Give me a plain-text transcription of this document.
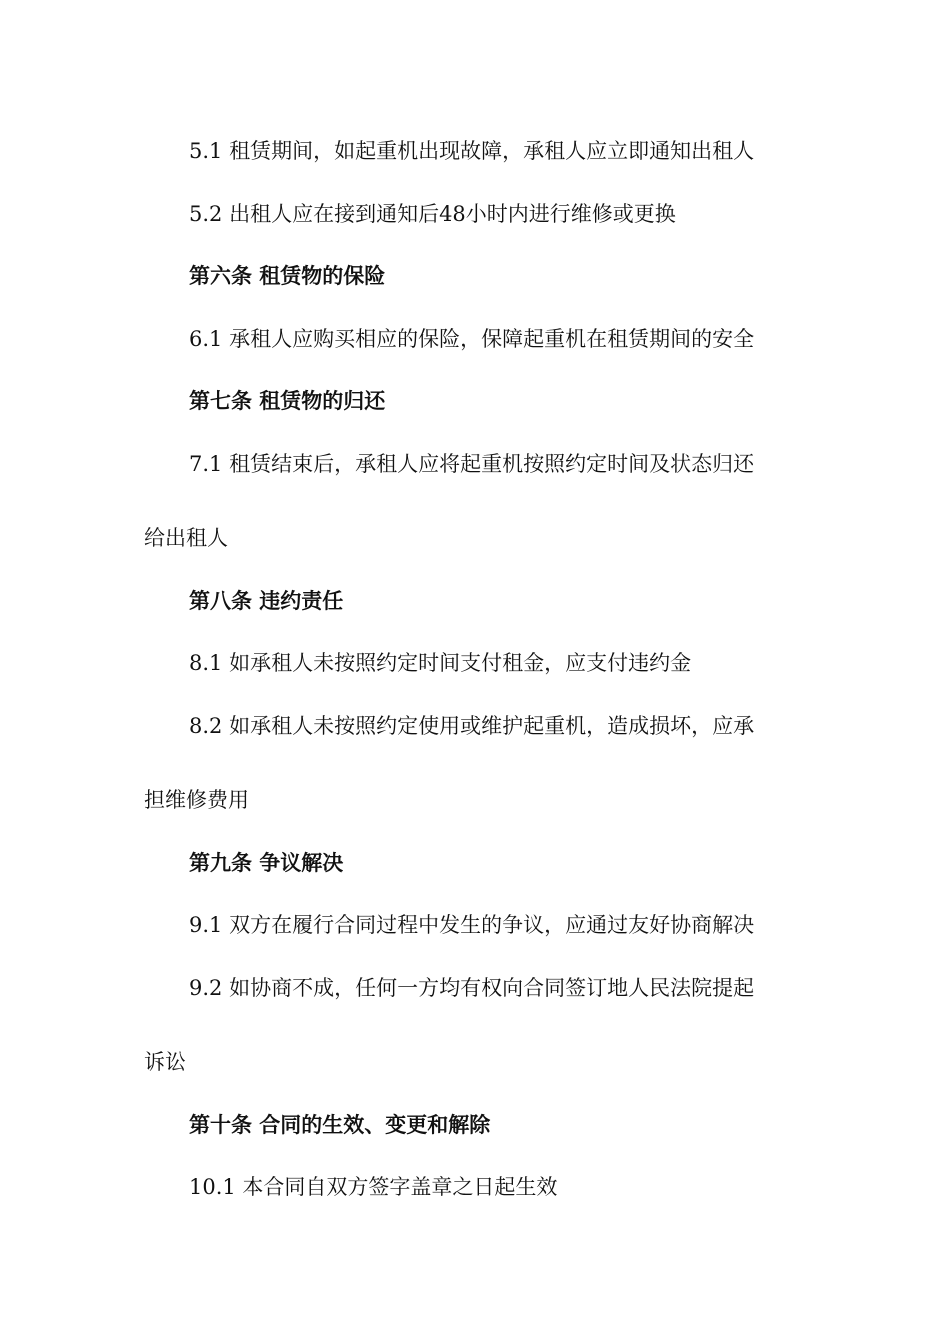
5.1 租赁期间，如起重机出现故障，承租人应立即通知出租人
5.2 出租人应在接到通知后48小时内进行维修或更换
第六条 租赁物的保险
6.1 承租人应购买相应的保险，保障起重机在租赁期间的安全
第七条 租赁物的归还
7.1 租赁结束后，承租人应将起重机按照约定时间及状态归还
给出租人
第八条 违约责任
8.1 如承租人未按照约定时间支付租金，应支付违约金
8.2 如承租人未按照约定使用或维护起重机，造成损坏，应承
担维修费用
第九条 争议解决
9.1 双方在履行合同过程中发生的争议，应通过友好协商解决
9.2 如协商不成，任何一方均有权向合同签订地人民法院提起
诉讼
第十条 合同的生效、变更和解除
10.1 本合同自双方签字盖章之日起生效
